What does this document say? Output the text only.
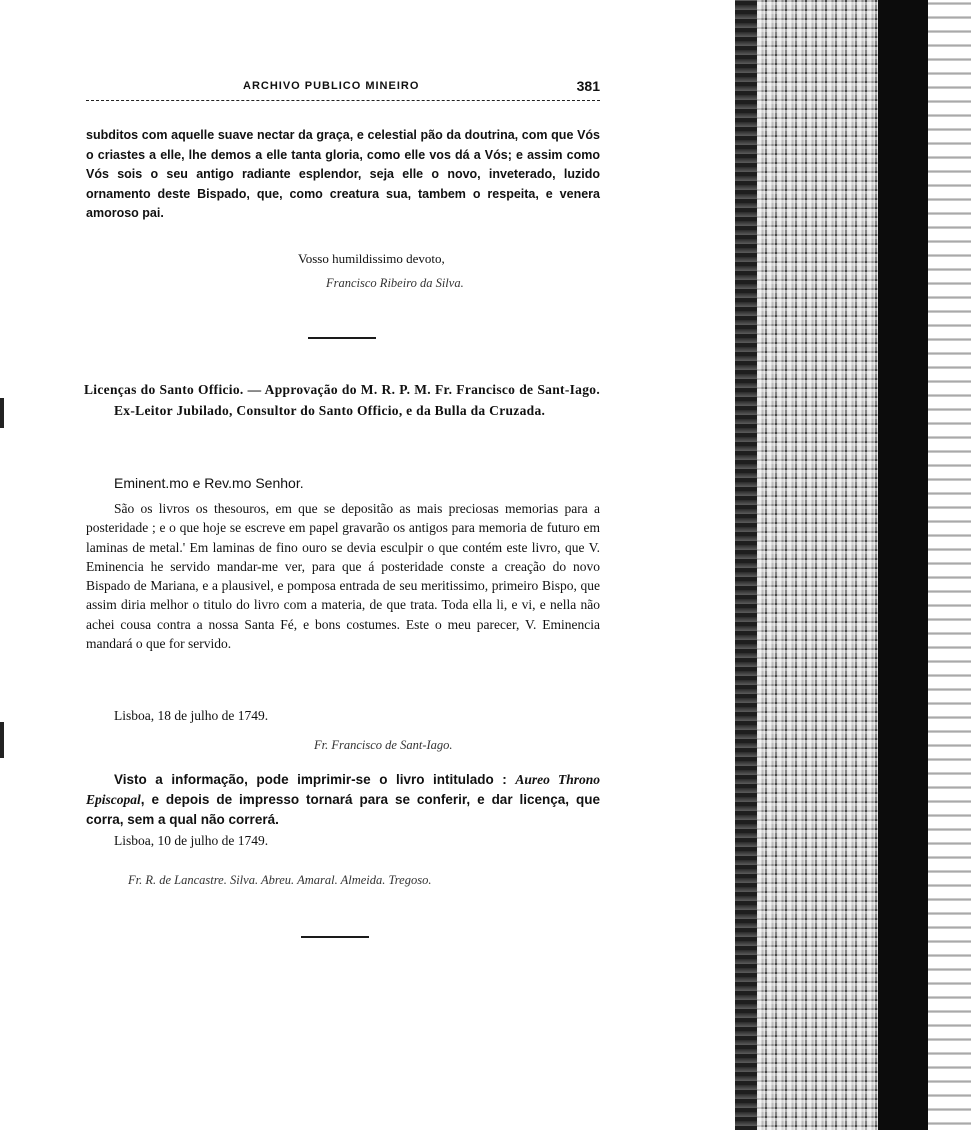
ARCHIVO PUBLICO MINEIRO	381
subditos com aquelle suave nectar da graça, e celestial pão da doutrina, com que Vós o criastes a elle, lhe demos a elle tanta gloria, como elle vos dá a Vós; e assim como Vós sois o seu antigo radiante esplendor, seja elle o novo, inveterado, luzido ornamento deste Bispado, que, como creatura sua, tambem o respeita, e venera amoroso pai.
Vosso humildissimo devoto,
Francisco Ribeiro da Silva.
Licenças do Santo Officio. — Approvação do M. R. P. M. Fr. Francisco de Sant-Iago. Ex-Leitor Jubilado, Consultor do Santo Officio, e da Bulla da Cruzada.
Eminent.mo e Rev.mo Senhor.
São os livros os thesouros, em que se depositão as mais preciosas memorias para a posteridade ; e o que hoje se escreve em papel gravarão os antigos para memoria de futuro em laminas de metal.' Em laminas de fino ouro se devia esculpir o que contém este livro, que V. Eminencia he servido mandar-me ver, para que á posteridade conste a creação do novo Bispado de Mariana, e a plausivel, e pomposa entrada de seu meritissimo, primeiro Bispo, que assim diria melhor o titulo do livro com a materia, de que trata. Toda ella li, e vi, e nella não achei cousa contra a nossa Santa Fé, e bons costumes. Este o meu parecer, V. Eminencia mandará o que for servido.
Lisboa, 18 de julho de 1749.
Fr. Francisco de Sant-Iago.
Visto a informação, pode imprimir-se o livro intitulado : Aureo Throno Episcopal, e depois de impresso tornará para se conferir, e dar licença, que corra, sem a qual não correrá.
Lisboa, 10 de julho de 1749.
Fr. R. de Lancastre. Silva. Abreu. Amaral. Almeida. Tregoso.
